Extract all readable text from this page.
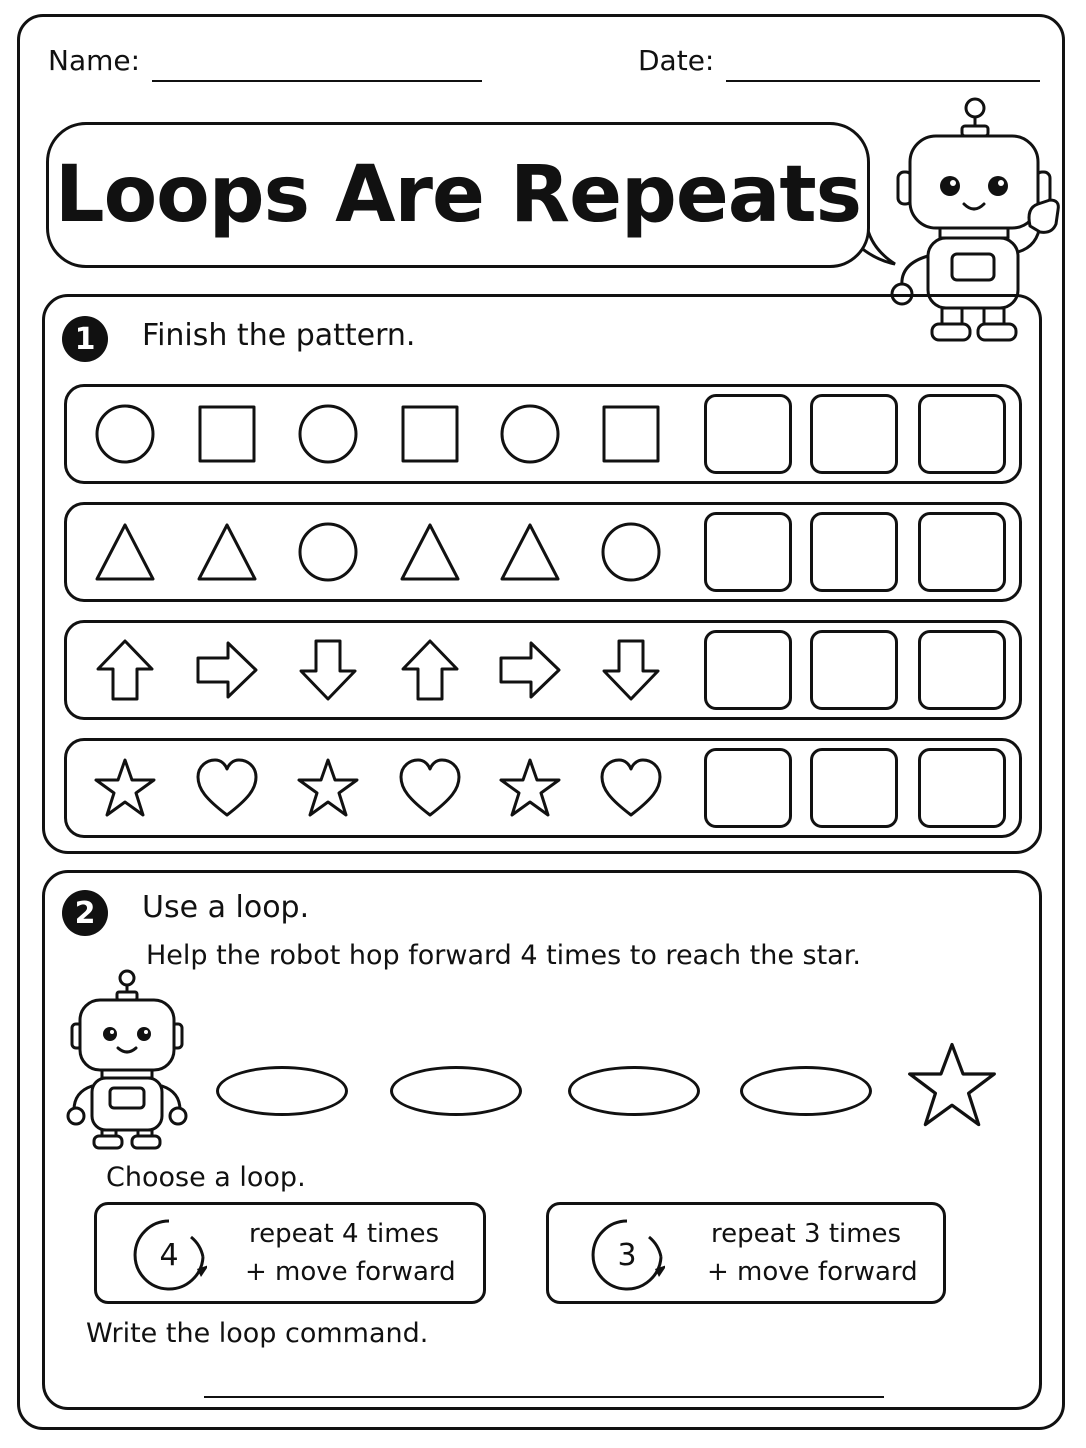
Name:	Date:
Loops Are Repeats
1	Finish the pattern.
2	Use a loop.
Help the robot hop forward 4 times to reach the star.
Choose a loop.
4
repeat 4 times
+ move forward	3
repeat 3 times
+ move forward
Write the loop command.
